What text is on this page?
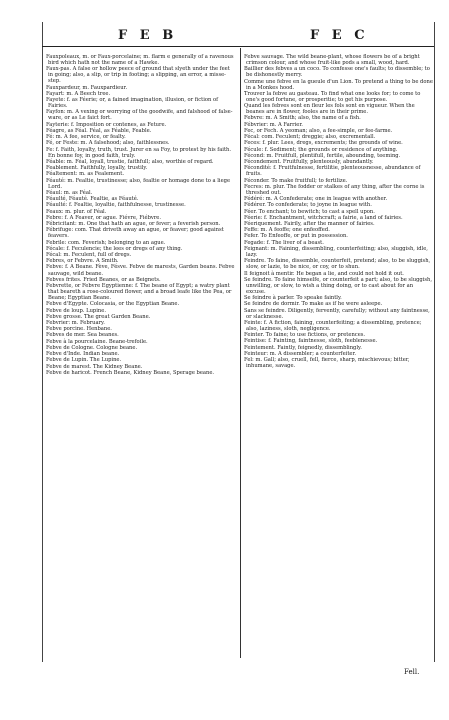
F E B	F E C
Fauxpoleaux, m. or Faux-porcelaine; m. flarm e generally of a ravenous bird which hath not the name of a Hawke.
Faux-pas. A false or hollow peece of ground that slyeth under the feet in going; also, a slip, or trip in footing; a slipping, an error, a misse-step.
Fauxpardeur, m. Fauxpardieur.
Fayart: m. A Beech tree.
Fayete: f. as Féerie; or, a fained imagination, illusion, or fiction of Fairies.
Fayfon: m. A vexing or worrying of the goodwife, and falshood of false-ware, or as Le faict fort.
Fayterie: f. Imposition or contenes, as Feture.
Féagre, as Féal. Féal, as Féable, Feable.
Fé: m. A fee, service, or fealty.
Fé, or Feste: m. A falsehood; also, faithlessnes.
Fe: f. Faith, loyalty, truth, trust. Jurer en sa Foy, to protest by his faith. En bonne foy, in good faith, truly.
Féable: m. Féal, loyall, trustie, faithfull; also, worthie of regard.
Feablement. Faithfully, loyally, trustily.
Féaltement: m. as Fealement.
Féauté: m. Fealtie, trustinesse; also, fealtie or homage done to a liege Lord.
Féaul: m. as Féal.
Féaulté, Féauté. Fealtie, as Féauté.
Féaulté: f. Fealtie, loyaltie, faithfulnesse, trustinesse.
Feaux: m. plur. of Féal.
Febre: f. A Feaver, or ague. Fiévre, Fiébvre.
Fébricitant: m. One that hath an ague, or fever; a feverish person.
Fébrifuge: com. That driveth away an ague, or feaver; good against feavers.
Febrile: com. Feverish; belonging to an ague.
Fécale: f. Feculencie; the lees or dregs of any thing.
Fécal: m. Feculent, full of dregs.
Febres, or Febvre. A Smith.
Febve: f. A Beane. Fève, Fésve. Febve de marests, Garden beans. Febve sauvage, wild beane.
Febves frites. Fried Beanes, or as Beignets.
Febvrette, or Febvre Egyptienne: f. The beane of Egypt; a watry plant that beareth a rose-coloured flower, and a broad leafe like the Pea, or Beane; Egyptian Beane.
Febve d'Egypte. Colocasia, or the Egyptian Beane.
Febve de loup. Lupine.
Febve grosse. The great Garden Beane.
Febvrier: m. February.
Febve porcine. Henbane.
Febves de mer. Sea beanes.
Febve à la pourcelaine. Beane-trefoile.
Febve de Cologne. Cologne beane.
Febve d'Inde. Indian beane.
Febve de Lupin. The Lupine.
Febve de marest. The Kidney Beane.
Febve de haricot. French Beane, Kidney Beane, Sperage beane.
Febve sauvage. The wild beane-plant, whose flowers be of a bright crimson colour, and whose fruit-like pods a small, wood, hard.
Baillier des febves a un coco. To confesse one's faults; to dissemble; to be dishonestly merry.
Comme une febve en la gueule d'un Lion. To pretend a thing to be done in a Monkes hood.
Trouver la febve au gasteau. To find what one looks for; to come to one's good fortune, or prosperitie; to get his purpose.
Quand les febves sont en fleur les fols sont en vigueur. When the beanes are in flower, fooles are in their prime.
Febvre: m. A Smith; also, the name of a fish.
Fébvrier: m. A Farrier.
Fec, or Fech. A yeoman; also, a fee-simple, or fee-farme.
Fécal: com. Feculent; dreggie; also, excrementall.
Feces: f. plur. Lees, dregs, excrements; the grounds of wine.
Fécule: f. Sediment; the grounds or residence of anything.
Fécond: m. Fruitfull, plentifull, fertile, abounding, teeming.
Fécondement. Fruitfully, plenteously, abundantly.
Fécondité: f. Fruitfulnesse, fertilitie, plenteousnesse, abundance of fruits.
Féconder. To make fruitfull; to fertilize.
Fecres: m. plur. The fodder or stalkes of any thing, after the corne is threshed out.
Fédéré: m. A Confederate; one in league with another.
Fédérer. To confederate; to joyne in league with.
Féer. To enchant; to bewitch; to cast a spell upon.
Féerie: f. Enchantment, witchcraft; a fairie, a land of fairies.
Féeriquement. Fairily, after the manner of fairies.
Feffe: m. A feoffe; one enfeoffed.
Fefer. To Enfeoffe, or put in possession.
Fegade: f. The liver of a beast.
Feignant: m. Faining, dissembling, counterfeiting; also, sluggish, idle, lazy.
Feindre. To faine, dissemble, counterfeit, pretend; also, to be sluggish, slow, or lazie, to be nice, or coy, or to shun.
Il feignoit à mentir. He began a lie, and could not hold it out.
Se feindre. To faine himselfe, or counterfeit a part; also, to be sluggish, unwilling, or slow, to wish a thing doing, or to cast about for an excuse.
Se feindre à parler. To speake faintly.
Se feindre de dormir. To make as if he were asleepe.
Sans se feindre. Diligently, fervently, carefully; without any faintnesse, or slacknesse.
Feinte: f. A fiction, faining, counterfeiting; a dissembling, pretence; also, laziness, sloth, negligence.
Feinter. To faine; to use fictions, or pretences.
Feintise: f. Fainting, faintnesse, sloth, feeblenesse.
Feintement. Faintly, feignedly, dissemblingly.
Feinteur: m. A dissembler; a counterfeiter.
Fel: m. Gall; also, cruell, fell, fierce, sharp, mischievous; bitter, inhumane, savage.
Fell.
